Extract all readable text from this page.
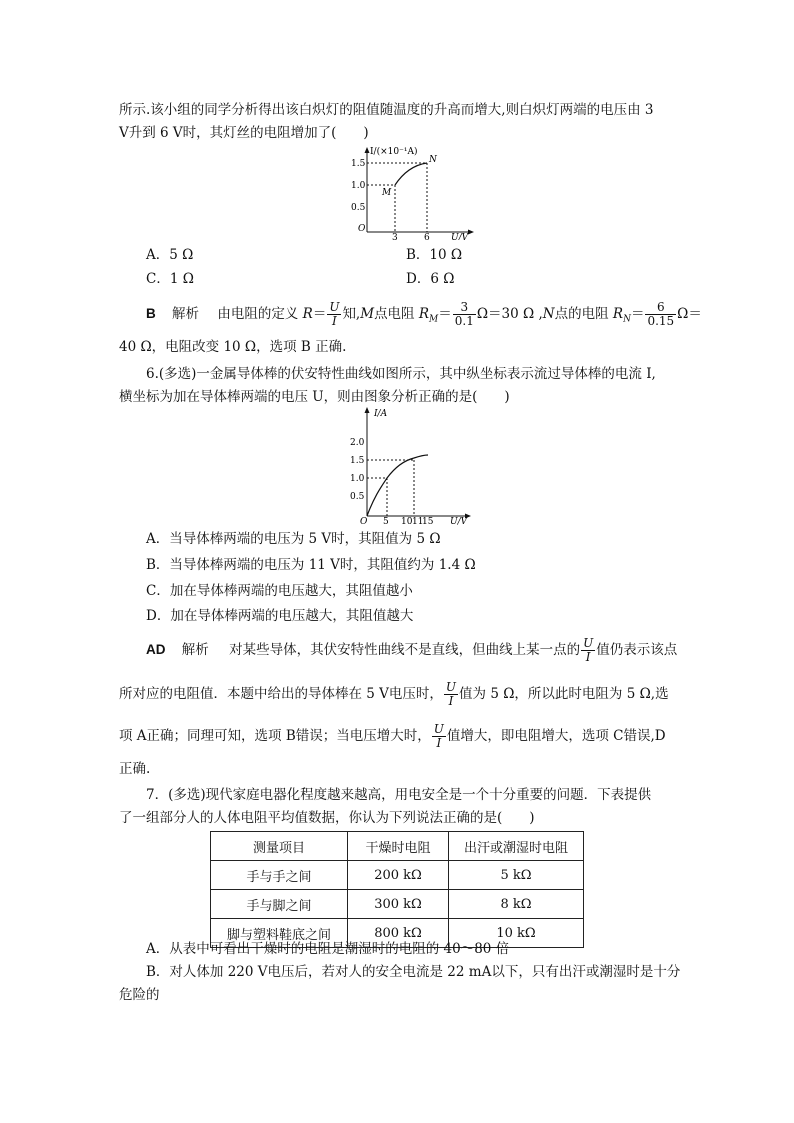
所示.该小组的同学分析得出该白炽灯的阻值随温度的升高而增大,则白炽灯两端的电压由 3
V升到 6 V时，其灯丝的电阻增加了(　　)
I/(×10⁻¹A)
1.5
1.0
0.5
O
3	6 U/V
M
N
A．5 Ω	B．10 Ω
C．1 Ω	D．6 Ω
B 解析 由电阻的定义 $R= \frac{U}{I}$ 知,M点电阻 $R_M= \frac{3}{0.1} \Omega=30$ Ω ,N点的电阻 $R_N= \frac{6}{0.15} \Omega=$
40 Ω，电阻改变 10 Ω，选项 B 正确.
6.(多选)一金属导体棒的伏安特性曲线如图所示，其中纵坐标表示流过导体棒的电流 I,
横坐标为加在导体棒两端的电压 U，则由图象分析正确的是(　　)
I/A
2.0
1.5
1.0
0.5
O 5 10 11
15 U/V
A．当导体棒两端的电压为 5 V时，其阻值为 5 Ω
B．当导体棒两端的电压为 11 V时，其阻值约为 1.4 Ω
C．加在导体棒两端的电压越大，其阻值越小
D．加在导体棒两端的电压越大，其阻值越大
AD 解析 对某些导体，其伏安特性曲线不是直线，但曲线上某一点的 $\frac{U}{I}$ 值仍表示该点
所对应的电阻值．本题中给出的导体棒在 5 V电压时， $\frac{U}{I}$ 值为 5 Ω，所以此时电阻为 5 Ω,选
项 A正确；同理可知，选项 B错误；当电压增大时， $\frac{U}{I}$ 值增大，即电阻增大，选项 C错误,D
正确.
7．(多选)现代家庭电器化程度越来越高，用电安全是一个十分重要的问题．下表提供
了一组部分人的人体电阻平均值数据，你认为下列说法正确的是(　　)
测量项目	干燥时电阻	出汗或潮湿时电阻
手与手之间	200 kΩ	5 kΩ
手与脚之间	300 kΩ	8 kΩ
脚与塑料鞋底之间	800 kΩ	10 kΩ
A．从表中可看出干燥时的电阻是潮湿时的电阻的 40～80 倍
B．对人体加 220 V电压后，若对人的安全电流是 22 mA以下，只有出汗或潮湿时是十分
危险的
